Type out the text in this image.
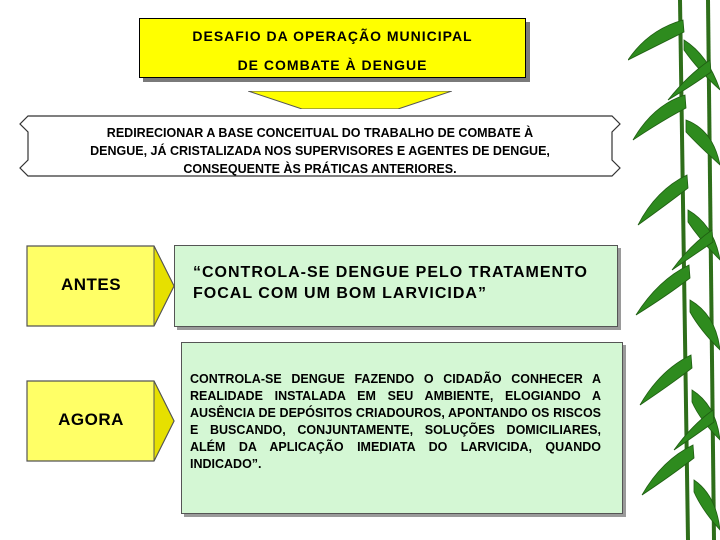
DESAFIO DA OPERAÇÃO MUNICIPAL
DE COMBATE À DENGUE
REDIRECIONAR A BASE CONCEITUAL DO TRABALHO DE COMBATE À
DENGUE, JÁ CRISTALIZADA NOS SUPERVISORES E AGENTES DE DENGUE,
CONSEQUENTE ÀS PRÁTICAS ANTERIORES.
ANTES
“CONTROLA-SE DENGUE PELO TRATAMENTO FOCAL COM UM BOM LARVICIDA”
AGORA
CONTROLA-SE DENGUE FAZENDO O CIDADÃO CONHECER A REALIDADE INSTALADA EM SEU AMBIENTE, ELOGIANDO A AUSÊNCIA DE DEPÓSITOS CRIADOUROS, APONTANDO OS RISCOS E BUSCANDO, CONJUNTAMENTE, SOLUÇÕES DOMICILIARES, ALÉM DA APLICAÇÃO IMEDIATA DO LARVICIDA, QUANDO INDICADO”.
